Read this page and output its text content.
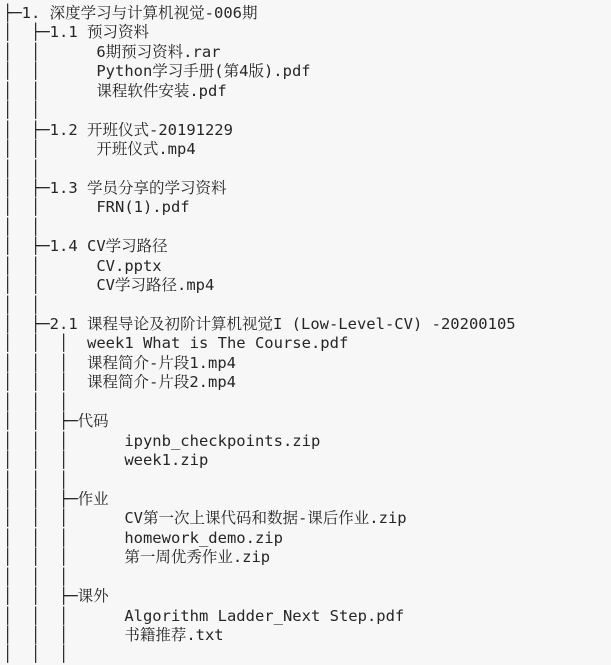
├─1. 深度学习与计算机视觉-006期
│  ├─1.1 预习资料
│  │      6期预习资料.rar
│  │      Python学习手册(第4版).pdf
│  │      课程软件安装.pdf
│  │
│  ├─1.2 开班仪式-20191229
│  │      开班仪式.mp4
│  │
│  ├─1.3 学员分享的学习资料
│  │      FRN(1).pdf
│  │
│  ├─1.4 CV学习路径
│  │      CV.pptx
│  │      CV学习路径.mp4
│  │
│  ├─2.1 课程导论及初阶计算机视觉I (Low-Level-CV) -20200105
│  │  │  week1 What is The Course.pdf
│  │  │  课程简介-片段1.mp4
│  │  │  课程简介-片段2.mp4
│  │  │
│  │  ├─代码
│  │  │      ipynb_checkpoints.zip
│  │  │      week1.zip
│  │  │
│  │  ├─作业
│  │  │      CV第一次上课代码和数据-课后作业.zip
│  │  │      homework_demo.zip
│  │  │      第一周优秀作业.zip
│  │  │
│  │  ├─课外
│  │  │      Algorithm Ladder_Next Step.pdf
│  │  │      书籍推荐.txt
│  │  │
